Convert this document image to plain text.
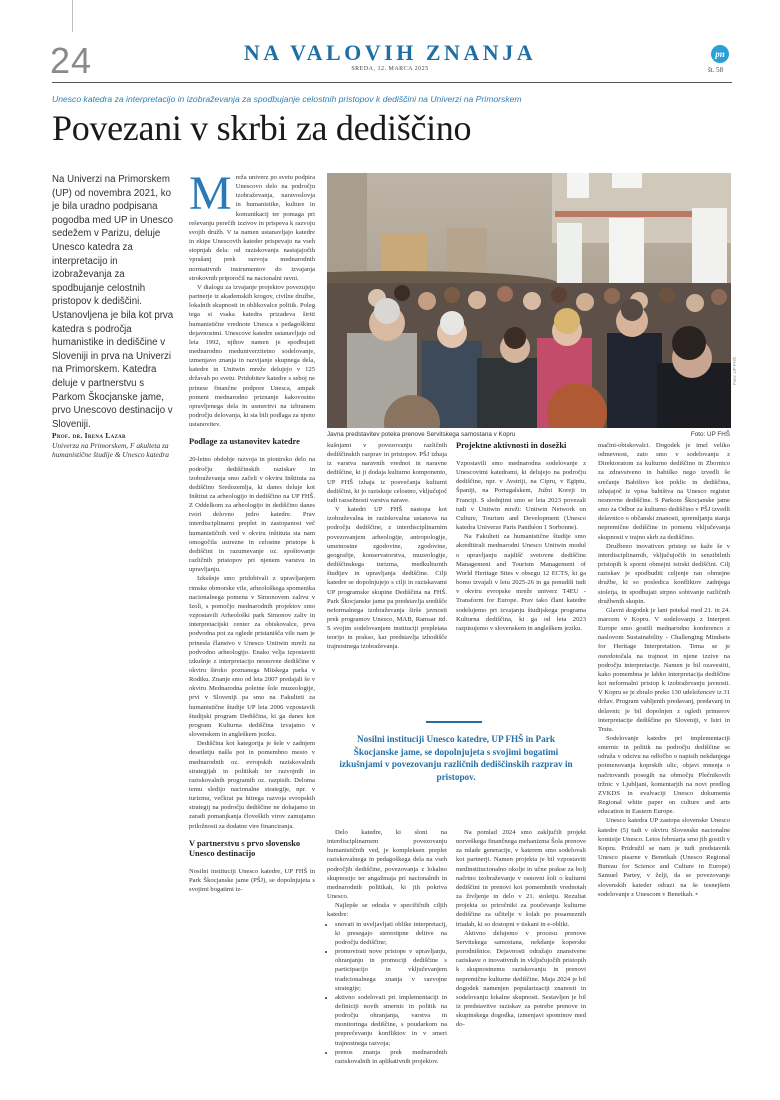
24	NA VALOVIH ZNANJA
SREDA, 12. MARCA 2025
pn
št. 58
Unesco katedra za interpretacijo in izobraževanja za spodbujanje celostnih pristopov k dediščini na Univerzi na Primorskem
Povezani v skrbi za dediščino
Na Univerzi na Primorskem (UP) od novembra 2021, ko je bila uradno podpisana pogodba med UP in Unesco sedežem v Parizu, deluje Unesco katedra za interpretacijo in izobraževanja za spodbujanje celostnih pristopov k dediščini. Ustanovljena je bila kot prva katedra s področja humanistike in dediščine v Sloveniji in prva na Univerzi na Primorskem. Katedra deluje v partnerstvu s Parkom Škocjanske jame, prvo Unescovo destinacijo v Sloveniji.
Prof. dr. Irena Lazar
Univerza na Primorskem, F akulteta za humanistične študije & Unesco katedra

Mreža univerz po svetu podpira Unescovo delo na področju izobraževanja, naravoslovja in humanistike, kulture in komunikacij ter pomaga pri reševanju perečih izzivov in prispeva k razvoju svojih družb. V ta namen ustanavljajo katedre in ekipe Unescovih kateder prispevajo na vseh stopnjah dela: od raziskovanja nastajajočih vprašanj prek razvoja mednarodnih normativnih instrumentov do izvajanja strokovnih priporočil na nacionalni ravni.

V dialogu za izvajanje projektov povezujejo partnerje iz akademskih krogov, civilne družbe, lokalnih skupnosti in oblikovalce politik. Poleg tega si vsaka katedra prizadeva širiti humanistične vrednote Unesca s pedagoškimi dejavnostmi. Unescove katedre ustanavljajo od leta 1992, njihov namen je spodbujati mednarodno meduniverzitetno sodelovanje, izmenjavo znanja in razvijanje skupnega dela, katedre in Unitwin mreže delujejo v 125 državah po svetu. Pridobitev katedre s seboj ne prinese finančne podpore Unesca, ampak pomeni mednarodno priznanje kakovostno opravljenega dela in usmeritvi na izbranem področju delovanja, ki sta bili podlaga za njeno ustanovitev.

Podlage za ustanovitev katedre

20-letno obdobje razvoja in pionirsko delo na področju dediščinskih raziskav in izobraževanja smo začeli v okviru Inštituta za dediščino Sredozemlja, ki danes deluje kot Inštitut za arheologijo in dediščino na UP FHŠ. Z Oddelkom za arheologijo in dediščino danes tvori delovno jedro katedre. Prav interdisciplinarni preplet in zastopanost več humanističnih ved v okviru inštituta sta nam omogočila ustrezne in celostne pristope k dediščini in razumevanje oz. spoštovanje različnih pristopov pri njenem varstvu in upravljanju.

Izkušnje smo pridobivali z upravljanjem rimske obmorske vile, arheološkega spomenika nacionalnega pomena v Simonovem zalivu v Izoli, s pomočjo mednarodnih projektov smo vzpostavili Arheološki park Simonov zaliv in interpretacijski center za obiskovalce, prva podvodna pot za oglede pristanišča vile nam je prinesla članstvo v Unesco Unitwin mreži za podvodno arheologijo. Enako velja izpostaviti izkušnje z interpretacijo nesnovne dediščine v okviru široko poznanega Mitskega parka v Rodiku. Znanje smo od leta 2007 predajali še v okviru Mednarodna poletne šole muzeologije, prvi v Sloveniji pa smo na Fakulteti za humanistične študije UP leta 2006 vzpostavili študijski program Dediščina, ki ga danes kot program Kulturna dediščina izvajamo v slovenskem in angleškem jeziku.

Dediščina kot kategorija je šele v zadnjem desetletju našla pot in pomembno mesto v mednarodnih oz. evropskih raziskovalnih strategijah in politikah ter razvojnih in raziskovalnih programih oz. razpisih. Deloma temu sledijo nacionalne strategije, npr. v turizmu, večkrat pa hitrega razvoja evropskih strategij na področju dediščine ne dohajamo in zaradi pomanjkanja človeških virov zamujamo priložnosti za dodatne vire financiranja.

V partnerstvu s prvo slovensko Unesco destinacijo

Nosilni instituciji Unesco katedre, UP FHŠ in Park Škocjanske jame (PŠJ), se dopolnjujeta s svojimi bogatimi iz-

Foto: UP FHŠ
Javna predstavitev poteka prenove Servitskega samostana v Kopru	Foto: UP FHŠ

kušnjami v povezovanju različnih dediščinskih razprav in pristopov. PŠJ izhaja iz varstva naravnih vrednot in naravne dediščine, ki ji dodaja kulturno komponento, UP FHŠ izhaja iz posvečanja kulturni dediščini, ki jo raziskuje celostno, vključujoč tudi razsežnosti varstva narave.

V katedri UP FHŠ nastopa kot izobraževalna in raziskovalna ustanova na področju dediščine, z interdisciplinarnim povezovanjem arheologije, antropologije, umetnostne zgodovine, zgodovine, geografije, konservatorstva, muzeologije, dediščinskega turizma, medkulturnih študijev in upravljanja dediščine. Cilji katedre se dopolnjujejo s cilji in raziskavami UP programske skupine Dediščina na FHŠ. Park Škocjanske jame pa predstavlja središče neformalnega izobraževanja širše javnosti prek programov Unesco, MAB, Ramsar itd. S svojim sodelovanjem instituciji prepletata teorijo in prakso, kar predstavlja izhodišče trajnostnega izobraževanja.

Projektne aktivnosti in dosežki

Vzpostavili smo mednarodna sodelovanje z Unescovimi katedrami, ki delujejo na področju dediščine, npr. v Avstriji, na Cipru, v Egiptu, Španiji, na Portugalskem, Južni Koreji in Franciji. S slednjimi smo se leta 2023 povezali tudi v Unitwin mreži: Unitwin Network on Culture, Tourism and Development (Unesco katedra Univerze Paris Panthéon 1 Sorbonne).

Na Fakulteti za humanistične študije smo akreditirali mednarodni Unesco Unitwin modul o upravljanju najdišč svetovne dediščine Management and Tourism Management of World Heritage Sites v obsegu 12 ECTS, ki ga bomo izvajali v letu 2025-26 in ga ponudili tudi v okviru evropske mreže univerz T4EU - Transform for Europe. Prav tako člani katedre sodelujemo pri izvajanju študijskega programa Kulturna dediščina, ki ga od leta 2023 razpisujemo v slovenskem in angleškem jeziku.

mačini-obiskovalci. Dogodek je imel veliko odmevnost, zato smo v sodelovanju z Direktoratom za kulturno dediščino in Zbornico za zdravstveno in babiško nego izvedli še srečanje Babištvo kot poklic in dediščina, izhajajoč iz vpisa babištva na Unesco register nesnovne dediščine. S Parkom Škocjanske jame smo za Odbor za kulturno dediščino v PŠJ izvedli delavnico o občanski znanosti, spremljanju stanja nepremične dediščine in pomenu vključevanja skupnosti v trajno skrb za dediščino.

Družbeno inovativen pristop se kaže še v interdisciplinarnih, vključujočih in senzibilnih pristopih k sporni obmejni istrski dediščini. Cilj raziskav je spodbuditi celjenje ran obmejne družbe, ki so posledica konfliktov zadnjega stoletja, in spodbujati strpno sobivanje različnih družbenih skupin.

Glavni dogodek je lani potekal med 21. in 24. marcem v Kopru. V sodelovanju z Interpret Europe smo gostili mednarodno konferenco z naslovom Sustainability - Challenging Mindsets for Heritage Interpretation. Tema se je osredotočala na trajnost in njene izzive na področju interpretacije. Namen je bil ozavestiti, kako pomembna je lahko interpretacija dediščine kot neformalni pristop k izobraževanju javnosti. V Kopru se je zbralo preko 130 udeležencev iz 31 držav. Program vabljenih predavanj, predavanj in delavnic je bil dopolnjen z ogledi primerov interpretacije dediščine po Sloveniji, v Istri in Trstu.

Sodelovanje katedre pri implementaciji smernic in politik na področju dediščine se odraža v odzivu na odločbo o napisih nekdanjega poimenovanja koprskih ulic, objavi mnenja o načrtovanih posegih na območju Plečnikovih tržnic v Ljubljani, komentarjih na novi predlog ZVKDS in evalvaciji Unesco dokumenta Regional white paper on culture and arts education in Eastern Europe.

Unesco katedra UP zastopa slovenske Unesco katedre (5) tudi v okviru Slovenske nacionalne komisije Unesco. Letos februarja smo jih gostili v Kopru. Pridružil se nam je tudi predstavnik Unesco pisarne v Benetkah (Unesco Regional Bureau for Science and Culture in Europe) Samuel Partey, v želji, da se povezovanje slovenskih kateder odrazi na še tesnejšem sodelovanje z Unescom v Benetkah. ▪

Nosilni instituciji Unesco katedre, UP FHŠ in Park Škocjanske jame, se dopolnjujeta s svojimi bogatimi izkušnjami v povezovanju različnih dediščinskih razprav in pristopov.

Delo katedre, ki sloni na interdisciplinarnem povezovanju humanističnih ved, je kompleksen preplet raziskovalnega in pedagoškega dela na vseh področjih dediščine, povezovanja z lokalno skupnostjo ter angažmaja pri nacionalnih in mednarodnih politikah, ki jih pokriva Unesco.

Najlepše se odraža v specifičnih ciljih katedre:

• snovati in uveljavljati oblike interpretacij, ki presegajo stereotipne delitve na področju dediščine;
• promovirati nove pristope v upravljanju, ohranjanju in promociji dediščine s participacijo in vključevanjem tradicionalnega znanja v razvojne strategije;
• aktivno sodelovati pri implementaciji in definiciji novih smernic in politik na področju ohranjanja, varstva in monitoringa dediščine, s poudarkom na preprečevanju konfliktov in v smeri trajnostnega razvoja;
• prenos znanja prek mednarodnih raziskovalnih in aplikativnih projektov.

Na pomlad 2024 smo zaključili projekt norveškega finančnega mehanizma Šola prenove za mlade generacije, v katerem smo sodelovali kot partnerji. Namen projekta je bil vzpostaviti medinstitucionalno okolje in učne prakse za bolj načrtno izobraževanje v osnovni šoli o kulturni dediščini in prenovi kot pomembnih vrednotah za življenje in delo v 21. stoletju. Rezultat projekta so priročniki za poučevanje kulturne dediščine za učitelje v šolah po posameznih triadah, ki so dostopni v tiskani in e-obliki.

Aktivno delujemo v procesu prenove Servitskega samostana, nekdanje koperske porodnišnice. Dejavnosti odražajo znanstvene raziskave o inovativnih in vključujočih pristopih k skupnostnemu raziskovanju in prenovi nepremične kulturne dediščine. Maja 2024 je bil dogodek namenjen popularizaciji znanosti in sodelovanju lokalne skupnosti. Sestavljen je bil iz predstavitve raziskav za potrebe prenove in skupinskega dogodka, izmenjavi spominov med do-
